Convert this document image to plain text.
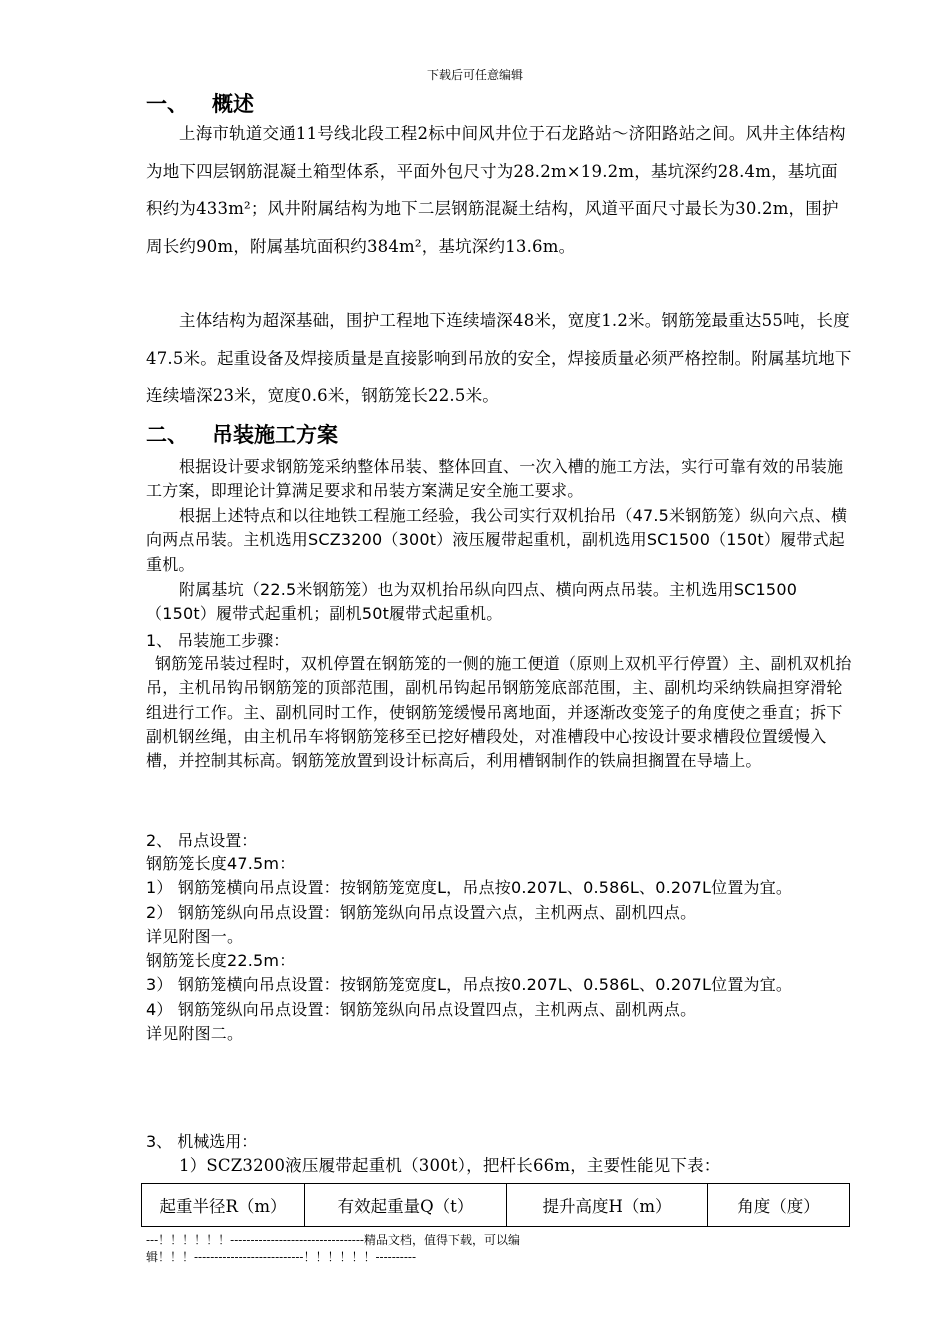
下载后可任意编辑
一、 概述
上海市轨道交通11号线北段工程2标中间风井位于石龙路站～济阳路站之间。风井主体结构为地下四层钢筋混凝土箱型体系，平面外包尺寸为28.2m×19.2m，基坑深约28.4m，基坑面积约为433m²；风井附属结构为地下二层钢筋混凝土结构，风道平面尺寸最长为30.2m，围护周长约90m，附属基坑面积约384m²，基坑深约13.6m。
主体结构为超深基础，围护工程地下连续墙深48米，宽度1.2米。钢筋笼最重达55吨，长度47.5米。起重设备及焊接质量是直接影响到吊放的安全，焊接质量必须严格控制。附属基坑地下连续墙深23米，宽度0.6米，钢筋笼长22.5米。
二、 吊装施工方案
根据设计要求钢筋笼采纳整体吊装、整体回直、一次入槽的施工方法，实行可靠有效的吊装施工方案，即理论计算满足要求和吊装方案满足安全施工要求。
根据上述特点和以往地铁工程施工经验，我公司实行双机抬吊（47.5米钢筋笼）纵向六点、横向两点吊装。主机选用SCZ3200（300t）液压履带起重机，副机选用SC1500（150t）履带式起重机。
附属基坑（22.5米钢筋笼）也为双机抬吊纵向四点、横向两点吊装。主机选用SC1500（150t）履带式起重机；副机50t履带式起重机。
1、 吊装施工步骤：
钢筋笼吊装过程时，双机停置在钢筋笼的一侧的施工便道（原则上双机平行停置）主、副机双机抬吊，主机吊钩吊钢筋笼的顶部范围，副机吊钩起吊钢筋笼底部范围，主、副机均采纳铁扁担穿滑轮组进行工作。主、副机同时工作，使钢筋笼缓慢吊离地面，并逐渐改变笼子的角度使之垂直；拆下副机钢丝绳，由主机吊车将钢筋笼移至已挖好槽段处，对准槽段中心按设计要求槽段位置缓慢入槽，并控制其标高。钢筋笼放置到设计标高后，利用槽钢制作的铁扁担搁置在导墙上。
2、 吊点设置：
钢筋笼长度47.5m：
1） 钢筋笼横向吊点设置：按钢筋笼宽度L，吊点按0.207L、0.586L、0.207L位置为宜。
2） 钢筋笼纵向吊点设置：钢筋笼纵向吊点设置六点，主机两点、副机四点。
详见附图一。
钢筋笼长度22.5m：
3） 钢筋笼横向吊点设置：按钢筋笼宽度L，吊点按0.207L、0.586L、0.207L位置为宜。
4） 钢筋笼纵向吊点设置：钢筋笼纵向吊点设置四点，主机两点、副机两点。
详见附图二。
3、 机械选用：
1）SCZ3200液压履带起重机（300t），把杆长66m，主要性能见下表：
起重半径R（m）	有效起重量Q（t）	提升高度H（m）	角度（度）
---！！！！！！---------------------------------精品文档，值得下载，可以编
辑！！！---------------------------！！！！！！----------
